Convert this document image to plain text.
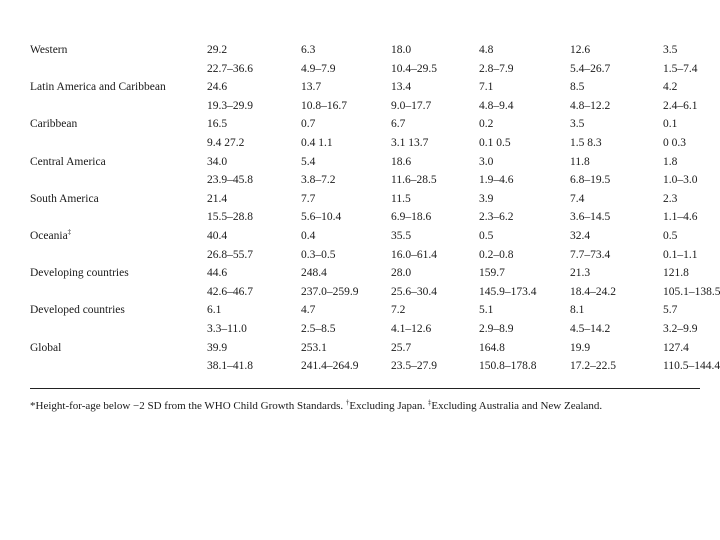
Western	29.2	6.3	18.0	4.8	12.6	3.5
	22.7–36.6	4.9–7.9	10.4–29.5	2.8–7.9	5.4–26.7	1.5–7.4
Latin America and Caribbean	24.6	13.7	13.4	7.1	8.5	4.2
	19.3–29.9	10.8–16.7	9.0–17.7	4.8–9.4	4.8–12.2	2.4–6.1
Caribbean	16.5	0.7	6.7	0.2	3.5	0.1
	9.4 27.2	0.4 1.1	3.1 13.7	0.1 0.5	1.5 8.3	0 0.3
Central America	34.0	5.4	18.6	3.0	11.8	1.8
	23.9–45.8	3.8–7.2	11.6–28.5	1.9–4.6	6.8–19.5	1.0–3.0
South America	21.4	7.7	11.5	3.9	7.4	2.3
	15.5–28.8	5.6–10.4	6.9–18.6	2.3–6.2	3.6–14.5	1.1–4.6
Oceania‡	40.4	0.4	35.5	0.5	32.4	0.5
	26.8–55.7	0.3–0.5	16.0–61.4	0.2–0.8	7.7–73.4	0.1–1.1
Developing countries	44.6	248.4	28.0	159.7	21.3	121.8
	42.6–46.7	237.0–259.9	25.6–30.4	145.9–173.4	18.4–24.2	105.1–138.5
Developed countries	6.1	4.7	7.2	5.1	8.1	5.7
	3.3–11.0	2.5–8.5	4.1–12.6	2.9–8.9	4.5–14.2	3.2–9.9
Global	39.9	253.1	25.7	164.8	19.9	127.4
	38.1–41.8	241.4–264.9	23.5–27.9	150.8–178.8	17.2–22.5	110.5–144.4
*Height-for-age below −2 SD from the WHO Child Growth Standards. †Excluding Japan. ‡Excluding Australia and New Zealand.
